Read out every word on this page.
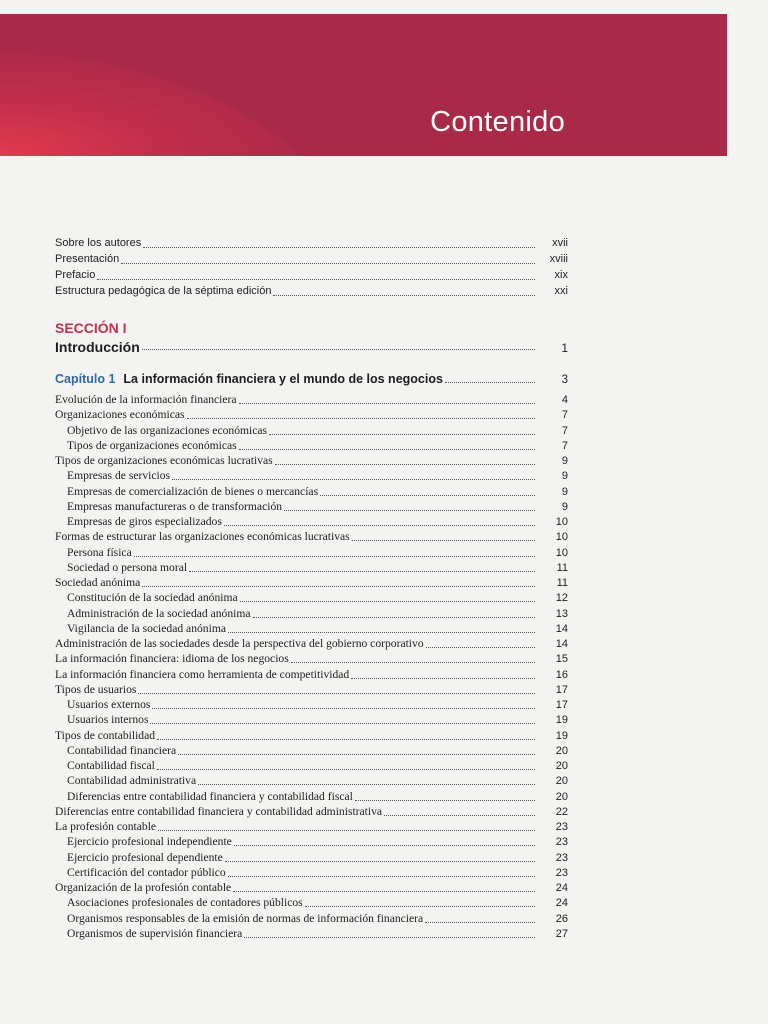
Contenido
Sobre los autores	xvii
Presentación	xviii
Prefacio	xix
Estructura pedagógica de la séptima edición	xxi
SECCIÓN I
Introducción	1
Capítulo 1 La información financiera y el mundo de los negocios	3
Evolución de la información financiera	4
Organizaciones económicas	7
Objetivo de las organizaciones económicas	7
Tipos de organizaciones económicas	7
Tipos de organizaciones económicas lucrativas	9
Empresas de servicios	9
Empresas de comercialización de bienes o mercancías	9
Empresas manufactureras o de transformación	9
Empresas de giros especializados	10
Formas de estructurar las organizaciones económicas lucrativas	10
Persona física	10
Sociedad o persona moral	11
Sociedad anónima	11
Constitución de la sociedad anónima	12
Administración de la sociedad anónima	13
Vigilancia de la sociedad anónima	14
Administración de las sociedades desde la perspectiva del gobierno corporativo	14
La información financiera: idioma de los negocios	15
La información financiera como herramienta de competitividad	16
Tipos de usuarios	17
Usuarios externos	17
Usuarios internos	19
Tipos de contabilidad	19
Contabilidad financiera	20
Contabilidad fiscal	20
Contabilidad administrativa	20
Diferencias entre contabilidad financiera y contabilidad fiscal	20
Diferencias entre contabilidad financiera y contabilidad administrativa	22
La profesión contable	23
Ejercicio profesional independiente	23
Ejercicio profesional dependiente	23
Certificación del contador público	23
Organización de la profesión contable	24
Asociaciones profesionales de contadores públicos	24
Organismos responsables de la emisión de normas de información financiera	26
Organismos de supervisión financiera	27
